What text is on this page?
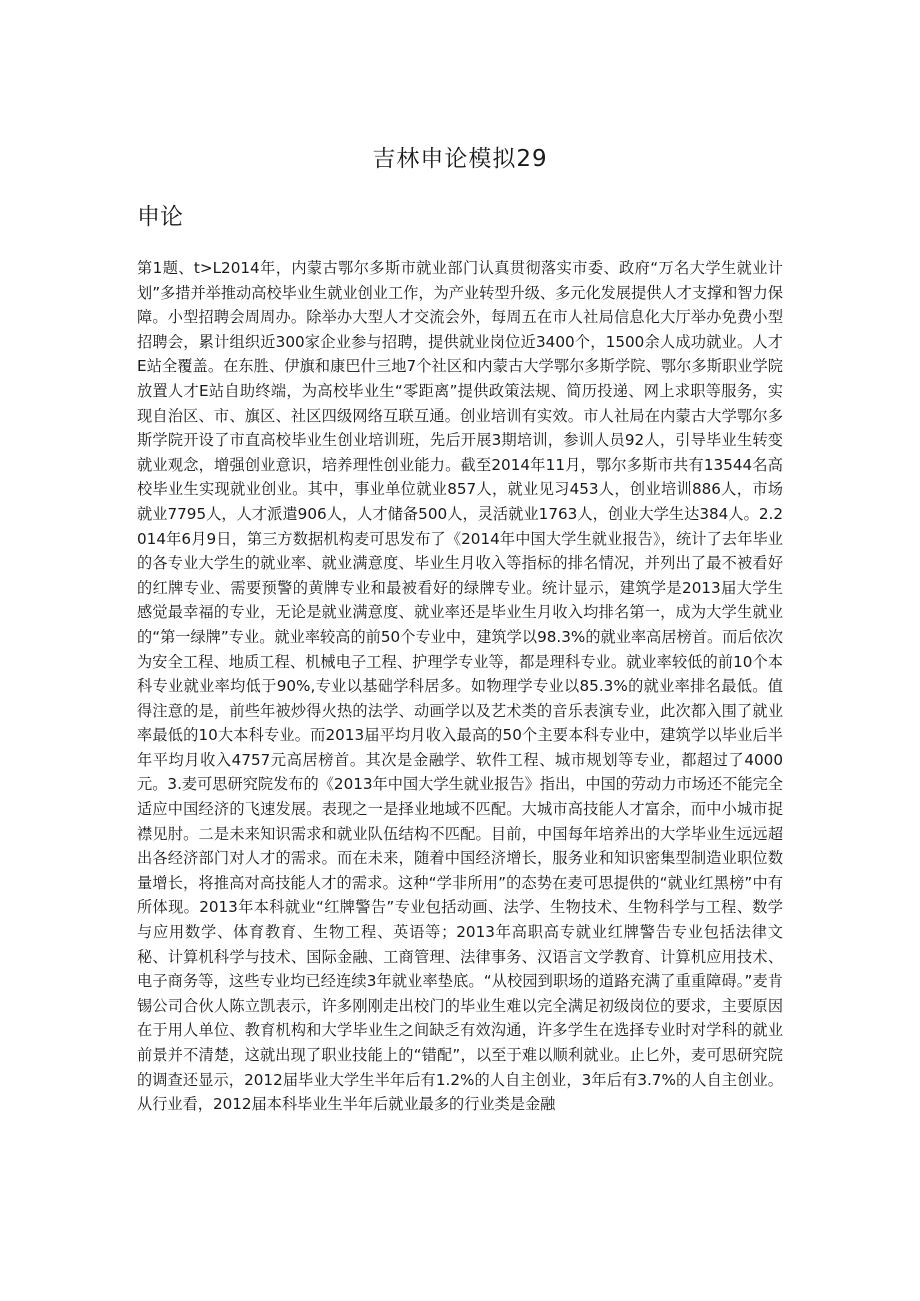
吉林申论模拟29
申论

第1题、t>L2014年，内蒙古鄂尔多斯市就业部门认真贯彻落实市委、政府“万名大学生就业计划”多措并举推动高校毕业生就业创业工作，为产业转型升级、多元化发展提供人才支撑和智力保障。小型招聘会周周办。除举办大型人才交流会外，每周五在市人社局信息化大厅举办免费小型招聘会，累计组织近300家企业参与招聘，提供就业岗位近3400个，1500余人成功就业。人才E站全覆盖。在东胜、伊旗和康巴什三地7个社区和内蒙古大学鄂尔多斯学院、鄂尔多斯职业学院放置人才E站自助终端，为高校毕业生“零距离”提供政策法规、简历投递、网上求职等服务，实现自治区、市、旗区、社区四级网络互联互通。创业培训有实效。市人社局在内蒙古大学鄂尔多斯学院开设了市直高校毕业生创业培训班，先后开展3期培训，参训人员92人，引导毕业生转变就业观念，增强创业意识，培养理性创业能力。截至2014年11月，鄂尔多斯市共有13544名高校毕业生实现就业创业。其中，事业单位就业857人，就业见习453人，创业培训886人，市场就业7795人，人才派遣906人，人才储备500人，灵活就业1763人，创业大学生达384人。2.2014年6月9日，第三方数据机构麦可思发布了《2014年中国大学生就业报告》，统计了去年毕业的各专业大学生的就业率、就业满意度、毕业生月收入等指标的排名情况，并列出了最不被看好的红牌专业、需要预警的黄牌专业和最被看好的绿牌专业。统计显示，建筑学是2013届大学生感觉最幸福的专业，无论是就业满意度、就业率还是毕业生月收入均排名第一，成为大学生就业的“第一绿牌”专业。就业率较高的前50个专业中，建筑学以98.3%的就业率高居榜首。而后依次为安全工程、地质工程、机械电子工程、护理学专业等，都是理科专业。就业率较低的前10个本科专业就业率均低于90%,专业以基础学科居多。如物理学专业以85.3%的就业率排名最低。值得注意的是，前些年被炒得火热的法学、动画学以及艺术类的音乐表演专业，此次都入围了就业率最低的10大本科专业。而2013届平均月收入最高的50个主要本科专业中，建筑学以毕业后半年平均月收入4757元高居榜首。其次是金融学、软件工程、城市规划等专业，都超过了4000元。3.麦可思研究院发布的《2013年中国大学生就业报告》指出，中国的劳动力市场还不能完全适应中国经济的飞速发展。表现之一是择业地域不匹配。大城市高技能人才富余，而中小城市捉襟见肘。二是未来知识需求和就业队伍结构不匹配。目前，中国每年培养出的大学毕业生远远超出各经济部门对人才的需求。而在未来，随着中国经济增长，服务业和知识密集型制造业职位数量增长，将推高对高技能人才的需求。这种“学非所用”的态势在麦可思提供的“就业红黑榜”中有所体现。2013年本科就业“红牌警告”专业包括动画、法学、生物技术、生物科学与工程、数学与应用数学、体育教育、生物工程、英语等；2013年高职高专就业红牌警告专业包括法律文秘、计算机科学与技术、国际金融、工商管理、法律事务、汉语言文学教育、计算机应用技术、电子商务等，这些专业均已经连续3年就业率垫底。“从校园到职场的道路充满了重重障碍。”麦肯锡公司合伙人陈立凯表示，许多刚刚走出校门的毕业生难以完全满足初级岗位的要求，主要原因在于用人单位、教育机构和大学毕业生之间缺乏有效沟通，许多学生在选择专业时对学科的就业前景并不清楚，这就出现了职业技能上的“错配”，以至于难以顺利就业。止匕外，麦可思研究院的调查还显示，2012届毕业大学生半年后有1.2%的人自主创业，3年后有3.7%的人自主创业。从行业看，2012届本科毕业生半年后就业最多的行业类是金融
